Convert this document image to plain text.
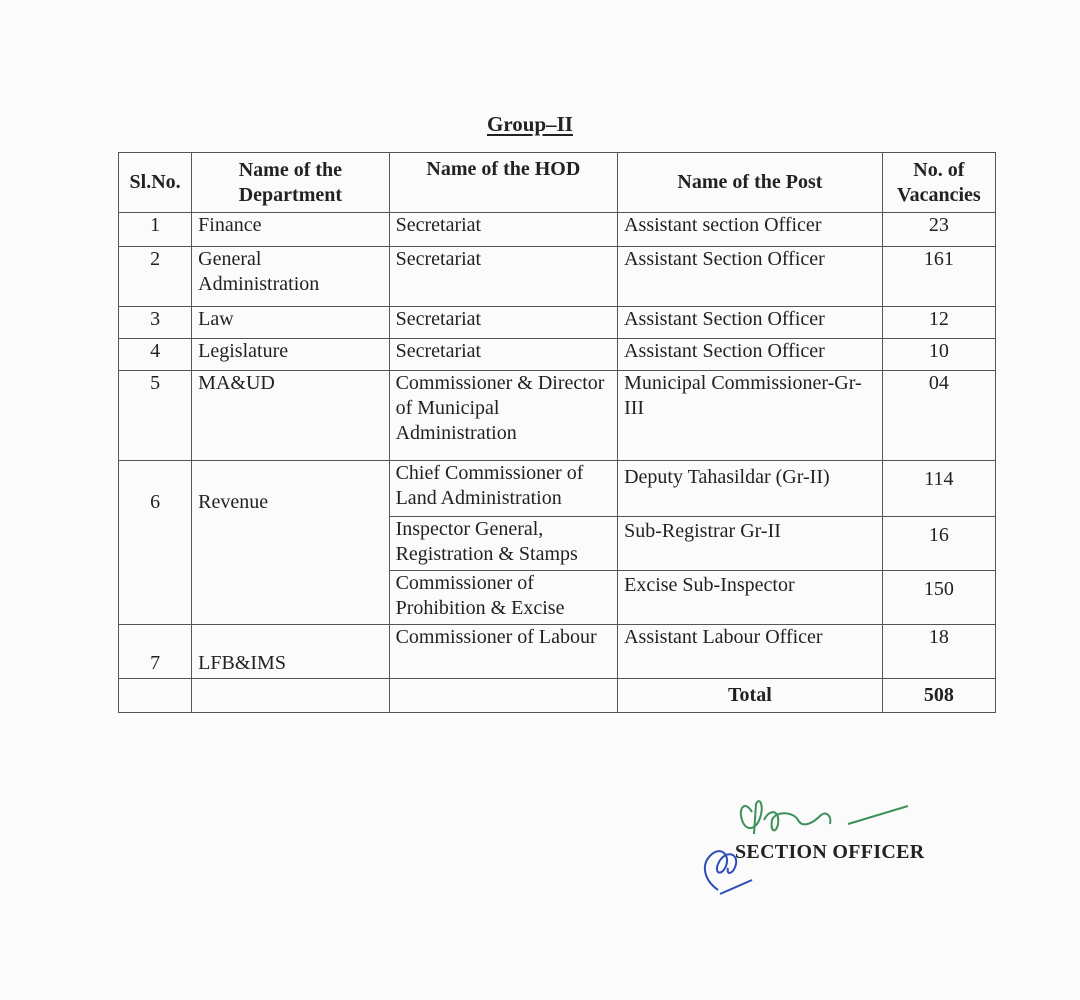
Group–II
Sl.No.	Name of the Department	Name of the HOD	Name of the Post	No. of Vacancies
1	Finance	Secretariat	Assistant section Officer	23
2	General Administration	Secretariat	Assistant Section Officer	161
3	Law	Secretariat	Assistant Section Officer	12
4	Legislature	Secretariat	Assistant Section Officer	10
5	MA&UD	Commissioner & Director of Municipal Administration	Municipal Commissioner-Gr-III	04
6	Revenue	Chief Commissioner of Land Administration	Deputy Tahasildar (Gr-II)	114
		Inspector General, Registration & Stamps	Sub-Registrar Gr-II	16
		Commissioner of Prohibition & Excise	Excise Sub-Inspector	150
7	LFB&IMS	Commissioner of Labour	Assistant Labour Officer	18
			Total	508
SECTION OFFICER
